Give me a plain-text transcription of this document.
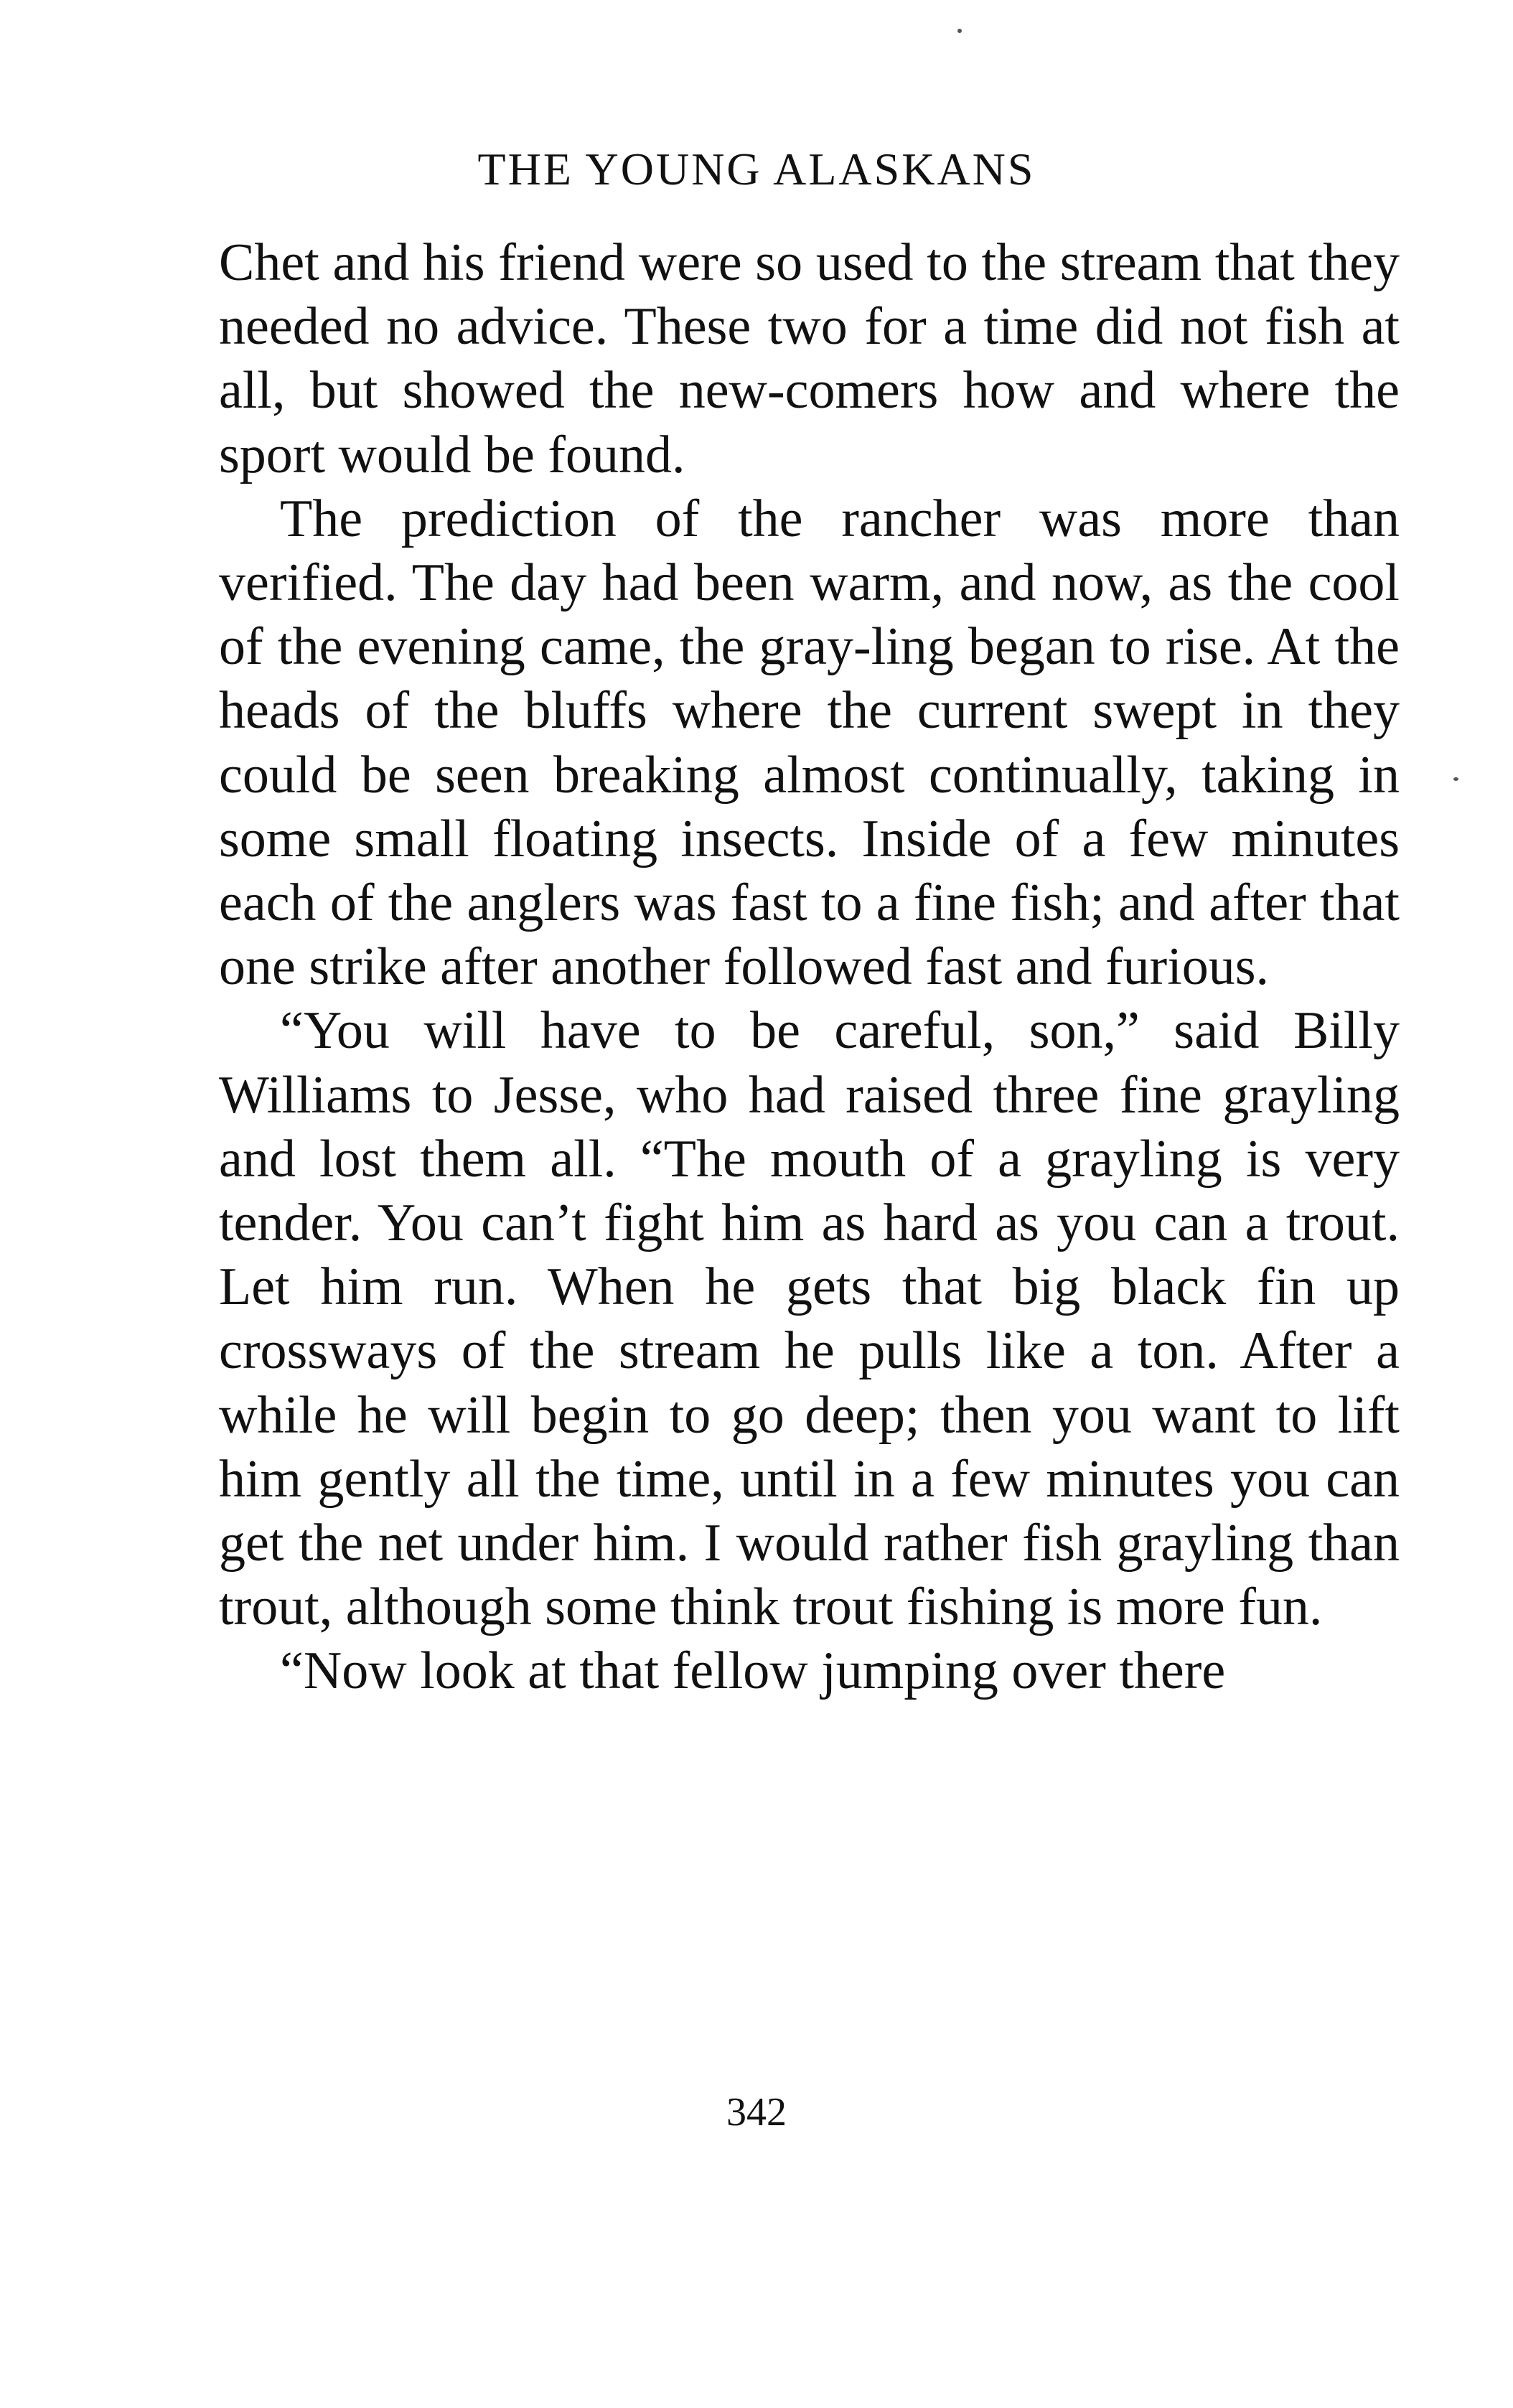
THE YOUNG ALASKANS

Chet and his friend were so used to the stream that they needed no advice. These two for a time did not fish at all, but showed the new-comers how and where the sport would be found.

The prediction of the rancher was more than verified. The day had been warm, and now, as the cool of the evening came, the gray-ling began to rise. At the heads of the bluffs where the current swept in they could be seen breaking almost continually, taking in some small floating insects. Inside of a few minutes each of the anglers was fast to a fine fish; and after that one strike after another followed fast and furious.

“You will have to be careful, son,” said Billy Williams to Jesse, who had raised three fine grayling and lost them all. “The mouth of a grayling is very tender. You can’t fight him as hard as you can a trout. Let him run. When he gets that big black fin up crossways of the stream he pulls like a ton. After a while he will begin to go deep; then you want to lift him gently all the time, until in a few minutes you can get the net under him. I would rather fish grayling than trout, although some think trout fishing is more fun.

“Now look at that fellow jumping over there

342
